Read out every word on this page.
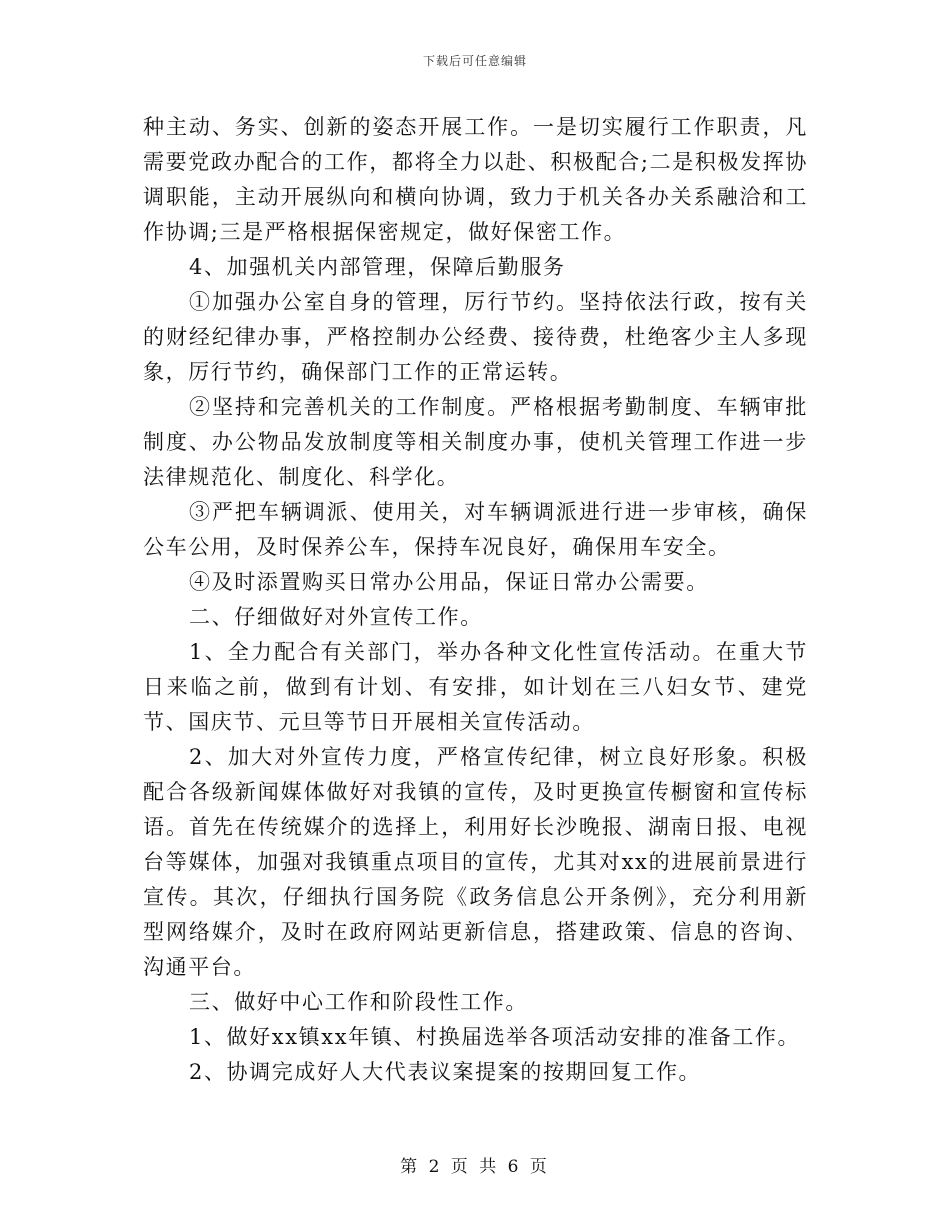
下载后可任意编辑

种主动、务实、创新的姿态开展工作。一是切实履行工作职责，凡需要党政办配合的工作，都将全力以赴、积极配合;二是积极发挥协调职能，主动开展纵向和横向协调，致力于机关各办关系融洽和工作协调;三是严格根据保密规定，做好保密工作。

4、加强机关内部管理，保障后勤服务

①加强办公室自身的管理，厉行节约。坚持依法行政，按有关的财经纪律办事，严格控制办公经费、接待费，杜绝客少主人多现象，厉行节约，确保部门工作的正常运转。

②坚持和完善机关的工作制度。严格根据考勤制度、车辆审批制度、办公物品发放制度等相关制度办事，使机关管理工作进一步法律规范化、制度化、科学化。

③严把车辆调派、使用关，对车辆调派进行进一步审核，确保公车公用，及时保养公车，保持车况良好，确保用车安全。

④及时添置购买日常办公用品，保证日常办公需要。

二、仔细做好对外宣传工作。

1、全力配合有关部门，举办各种文化性宣传活动。在重大节日来临之前，做到有计划、有安排，如计划在三八妇女节、建党节、国庆节、元旦等节日开展相关宣传活动。

2、加大对外宣传力度，严格宣传纪律，树立良好形象。积极配合各级新闻媒体做好对我镇的宣传，及时更换宣传橱窗和宣传标语。首先在传统媒介的选择上，利用好长沙晚报、湖南日报、电视台等媒体，加强对我镇重点项目的宣传，尤其对xx的进展前景进行宣传。其次，仔细执行国务院《政务信息公开条例》，充分利用新型网络媒介，及时在政府网站更新信息，搭建政策、信息的咨询、沟通平台。

三、做好中心工作和阶段性工作。

1、做好xx镇xx年镇、村换届选举各项活动安排的准备工作。

2、协调完成好人大代表议案提案的按期回复工作。

第 2 页 共 6 页
